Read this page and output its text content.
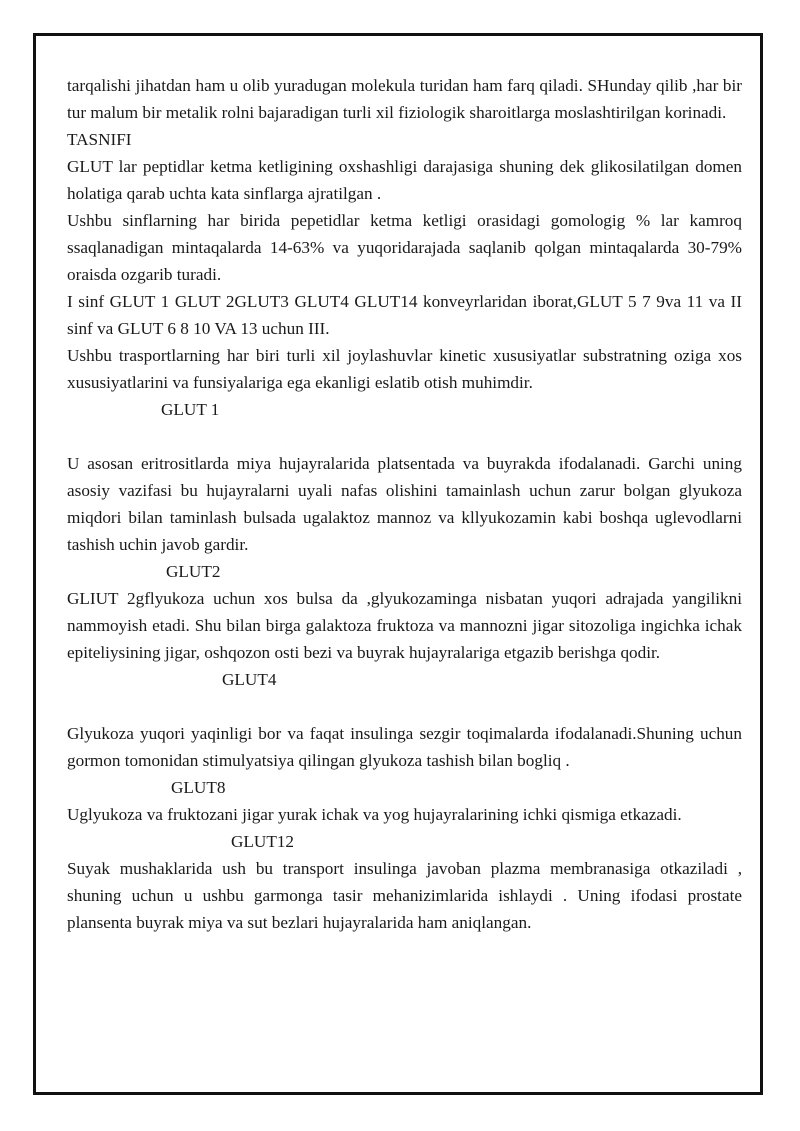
tarqalishi jihatdan ham u olib yuradugan molekula turidan ham farq qiladi. SHunday qilib ,har bir tur malum bir metalik rolni bajaradigan turli xil fiziologik sharoitlarga moslashtirilgan korinadi.

TASNIFI

GLUT lar peptidlar ketma ketligining oxshashligi darajasiga shuning dek glikosilatilgan domen holatiga qarab uchta kata sinflarga ajratilgan .

Ushbu sinflarning har birida pepetidlar ketma ketligi orasidagi gomologig % lar kamroq ssaqlanadigan mintaqalarda 14-63% va yuqoridarajada saqlanib qolgan mintaqalarda 30-79% oraisda ozgarib turadi.

I sinf GLUT 1 GLUT 2GLUT3 GLUT4 GLUT14 konveyrlaridan iborat,GLUT 5 7 9va 11 va II sinf va GLUT 6 8 10 VA 13 uchun III.

Ushbu trasportlarning har biri turli xil joylashuvlar kinetic xususiyatlar substratning oziga xos xususiyatlarini va funsiyalariga ega ekanligi eslatib otish muhimdir.

GLUT 1

U asosan eritrositlarda miya hujayralarida platsentada va buyrakda ifodalanadi. Garchi uning asosiy vazifasi bu hujayralarni uyali nafas olishini tamainlash uchun zarur bolgan glyukoza miqdori bilan taminlash bulsada ugalaktoz mannoz va kllyukozamin kabi boshqa uglevodlarni tashish uchin javob gardir.

GLUT2

GLIUT 2gflyukoza uchun xos bulsa da ,glyukozaminga nisbatan yuqori adrajada yangilikni nammoyish etadi. Shu bilan birga galaktoza fruktoza va mannozni jigar sitozoliga ingichka ichak epiteliysining jigar, oshqozon osti bezi va buyrak hujayralariga etgazib berishga qodir.

GLUT4

Glyukoza yuqori yaqinligi bor va faqat insulinga sezgir toqimalarda ifodalanadi.Shuning uchun gormon tomonidan stimulyatsiya qilingan glyukoza tashish bilan bogliq .

GLUT8

Uglyukoza va fruktozani jigar yurak ichak va yog hujayralarining ichki qismiga etkazadi.

GLUT12

Suyak mushaklarida ush bu transport insulinga javoban plazma membranasiga otkaziladi , shuning uchun u ushbu garmonga tasir mehanizimlarida ishlaydi . Uning ifodasi prostate plansenta buyrak miya va sut bezlari hujayralarida ham aniqlangan.
